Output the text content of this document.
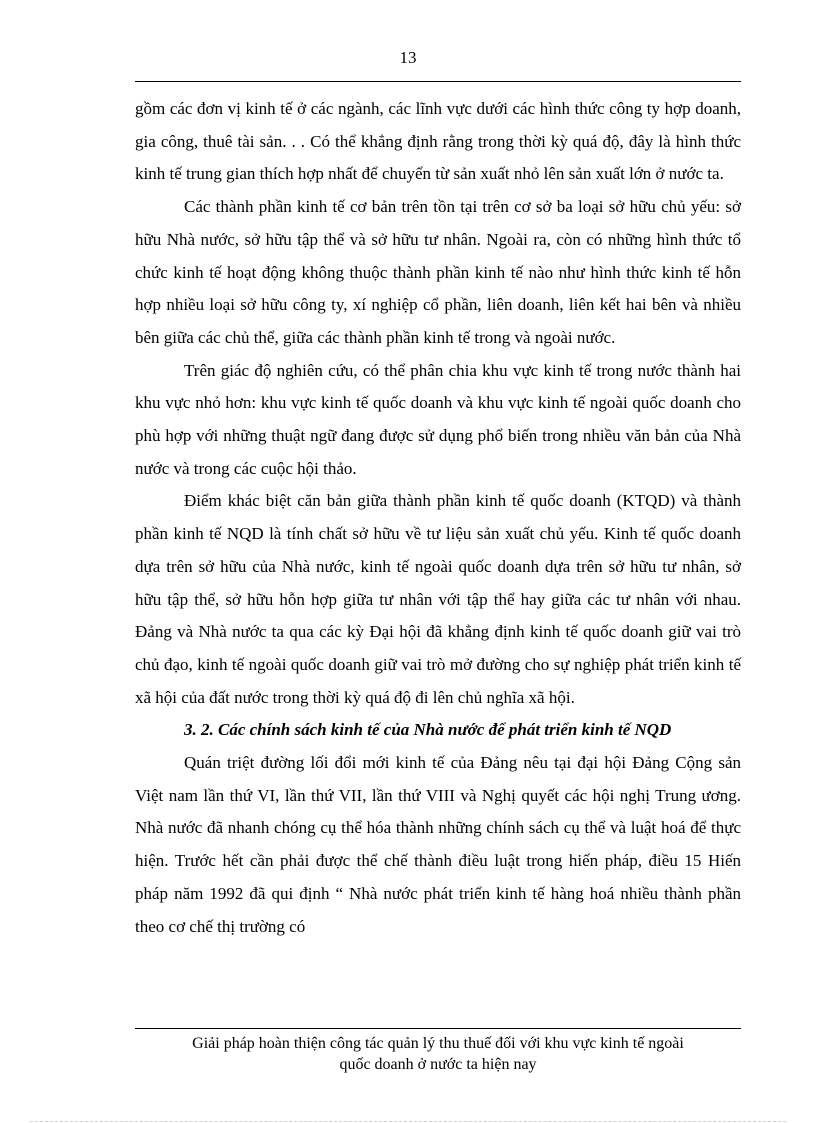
13

gồm các đơn vị kinh tế ở các ngành, các lĩnh vực dưới các hình thức công ty hợp doanh, gia công, thuê tài sản. . . Có thể khẳng định rằng trong thời kỳ quá độ, đây là hình thức kinh tế trung gian thích hợp nhất để chuyển từ sản xuất nhỏ lên sản xuất lớn ở nước ta.

Các thành phần kinh tế cơ bản trên tồn tại trên cơ sở ba loại sở hữu chủ yếu: sở hữu Nhà nước, sở hữu tập thể và sở hữu tư nhân. Ngoài ra, còn có những hình thức tổ chức kinh tế hoạt động không thuộc thành phần kinh tế nào như hình thức kinh tế hỗn hợp nhiều loại sở hữu công ty, xí nghiệp cổ phần, liên doanh, liên kết hai bên và nhiều bên giữa các chủ thể, giữa các thành phần kinh tế trong và ngoài nước.

Trên giác độ nghiên cứu, có thể phân chia khu vực kinh tế trong nước thành hai khu vực nhỏ hơn: khu vực kinh tế quốc doanh và khu vực kinh tế ngoài quốc doanh cho phù hợp với những thuật ngữ đang được sử dụng phổ biến trong nhiều văn bản của Nhà nước và trong các cuộc hội thảo.

Điểm khác biệt căn bản giữa thành phần kinh tế quốc doanh (KTQD) và thành phần kinh tế NQD là tính chất sở hữu về tư liệu sản xuất chủ yếu. Kinh tế quốc doanh dựa trên sở hữu của Nhà nước, kinh tế ngoài quốc doanh dựa trên sở hữu tư nhân, sở hữu tập thể, sở hữu hỗn hợp giữa tư nhân với tập thể hay giữa các tư nhân với nhau. Đảng và Nhà nước ta qua các kỳ Đại hội đã khẳng định kinh tế quốc doanh giữ vai trò chủ đạo, kinh tế ngoài quốc doanh giữ vai trò mở đường cho sự nghiệp phát triển kinh tế xã hội của đất nước trong thời kỳ quá độ đi lên chủ nghĩa xã hội.

3. 2. Các chính sách kinh tế của Nhà nước để phát triển kinh tế NQD

Quán triệt đường lối đổi mới kinh tế của Đảng nêu tại đại hội Đảng Cộng sản Việt nam lần thứ VI, lần thứ VII, lần thứ VIII và Nghị quyết các hội nghị Trung ương. Nhà nước đã nhanh chóng cụ thể hóa thành những chính sách cụ thể và luật hoá để thực hiện. Trước hết cần phải được thể chế thành điều luật trong hiến pháp, điều 15 Hiến pháp năm 1992 đã qui định “ Nhà nước phát triển kinh tế hàng hoá nhiều thành phần theo cơ chế thị trường có

Giải pháp hoàn thiện công tác quản lý thu thuế đối với khu vực kinh tế ngoài
quốc doanh ở nước ta hiện nay
